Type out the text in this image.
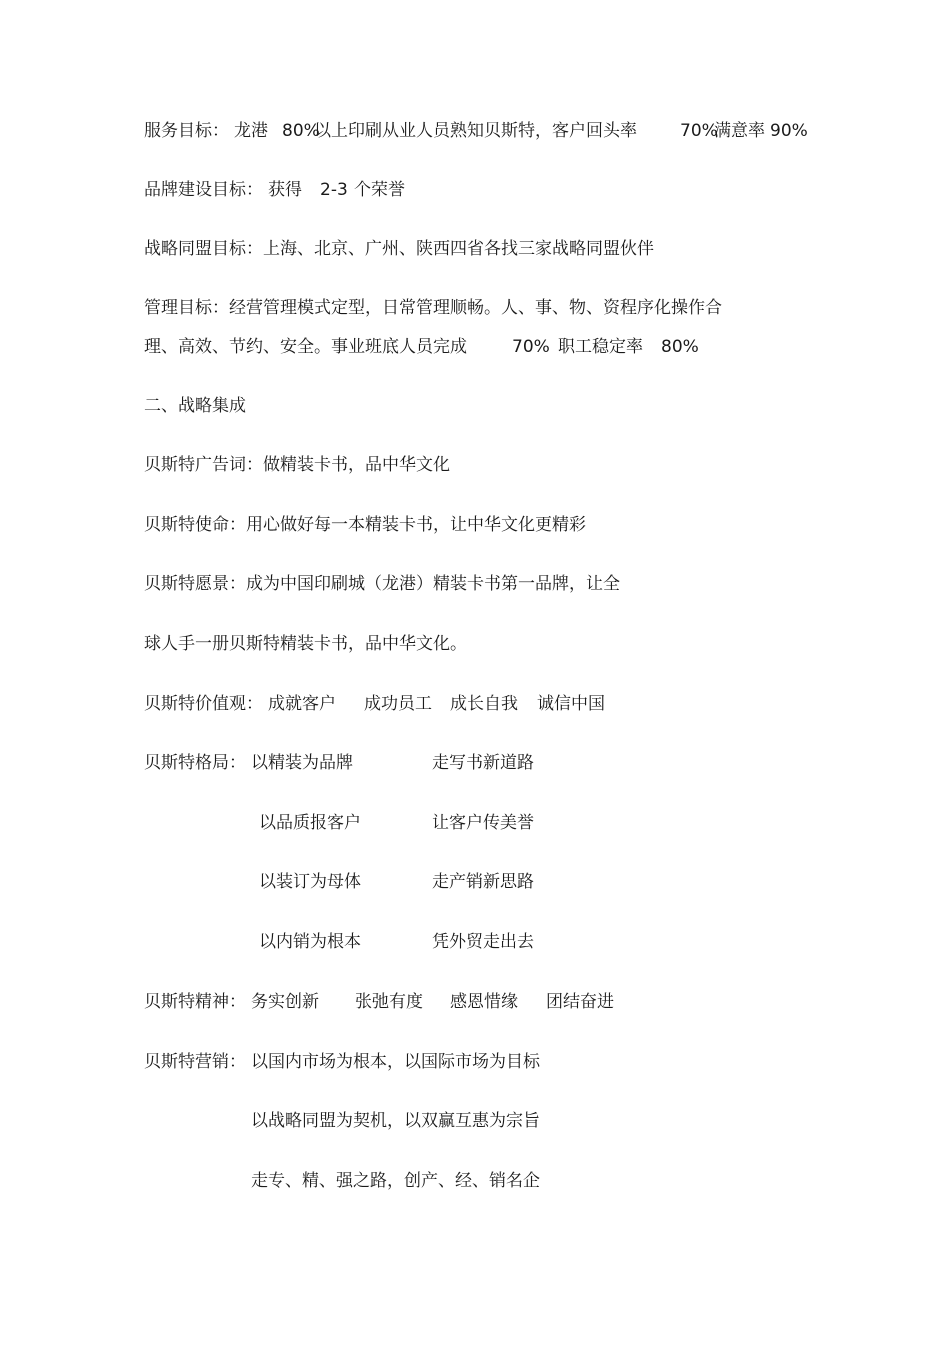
服务目标： 龙港 80%
以上印刷从业人员熟知贝斯特，客户回头率	70%
满意率 90%
品牌建设目标： 获得 2-3 个荣誉
战略同盟目标：上海、北京、广州、陕西四省各找三家战略同盟伙伴
管理目标：经营管理模式定型，日常管理顺畅。人、事、物、资程序化操作合
理、高效、节约、安全。事业班底人员完成	70% 职工稳定率 80%
二、战略集成
贝斯特广告词：做精装卡书，品中华文化
贝斯特使命：用心做好每一本精装卡书，让中华文化更精彩
贝斯特愿景：成为中国印刷城（龙港）精装卡书第一品牌，让全
球人手一册贝斯特精装卡书，品中华文化。
贝斯特价值观： 成就客户 成功员工 成长自我 诚信中国
贝斯特格局： 以精装为品牌	走写书新道路
以品质报客户	让客户传美誉
以装订为母体	走产销新思路
以内销为根本	凭外贸走出去
贝斯特精神： 务实创新 张弛有度 感恩惜缘 团结奋进
贝斯特营销： 以国内市场为根本，以国际市场为目标
以战略同盟为契机，以双赢互惠为宗旨
走专、精、强之路，创产、经、销名企
